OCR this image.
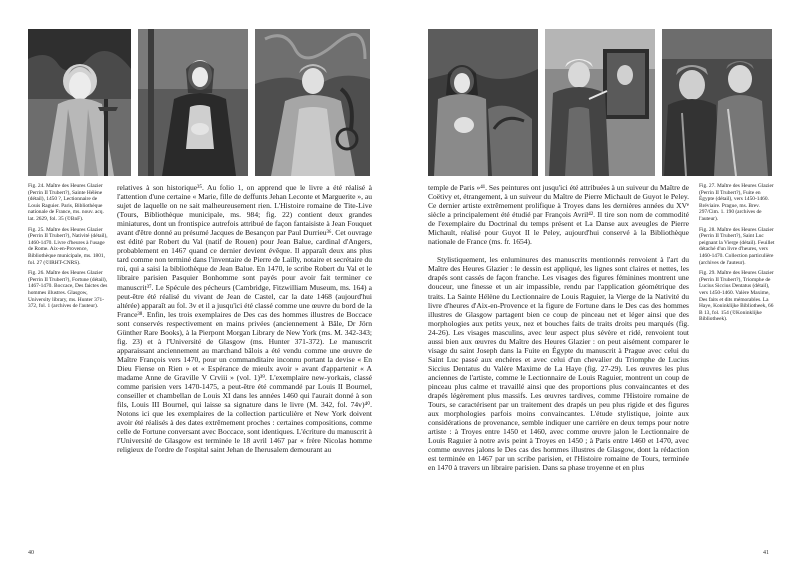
Fig. 24. Maître des Heures Glazier (Perrin II Trubert?), Sainte Hélène (détail), 1450 ?, Lectionnaire de Louis Raguier. Paris, Bibliothèque nationale de France, ms. nouv. acq. lat. 2629, fol. 35 (©BnF).

Fig. 25. Maître des Heures Glazier (Perrin II Trubert?), Nativité (détail), 1460-1470. Livre d'heures à l'usage de Rome. Aix-en-Provence, Bibliothèque municipale, ms. 1801, fol. 27 (©IRHT-CNRS).

Fig. 26. Maître des Heures Glazier (Perrin II Trubert?), Fortune (détail), 1467-1470. Boccace, Des faictes des hommes illustres. Glasgow, University library, ms. Hunter 371-372, fol. 1 (archives de l'auteur).

relatives à son historique³⁵. Au folio 1, on apprend que le livre a été réalisé à l'attention d'une certaine « Marie, fille de deffunts Jehan Leconte et Marguerite », au sujet de laquelle on ne sait malheureusement rien. L'Histoire romaine de Tite-Live (Tours, Bibliothèque municipale, ms. 984; fig. 22) contient deux grandes miniatures, dont un frontispice autrefois attribué de façon fantaisiste à Jean Fouquet avant d'être donné au présumé Jacques de Besançon par Paul Durrieu³⁶. Cet ouvrage est édité par Robert du Val (natif de Rouen) pour Jean Balue, cardinal d'Angers, probablement en 1467 quand ce dernier devient évêque. Il apparaît deux ans plus tard comme non terminé dans l'inventaire de Pierre de Lailly, notaire et secrétaire du roi, qui a saisi la bibliothèque de Jean Balue. En 1470, le scribe Robert du Val et le libraire parisien Pasquier Bonhomme sont payés pour avoir fait terminer ce manuscrit³⁷. Le Spécule des pécheurs (Cambridge, Fitzwilliam Museum, ms. 164) a peut-être été réalisé du vivant de Jean de Castel, car la date 1468 (aujourd'hui altérée) apparaît au fol. 3v et il a jusqu'ici été classé comme une œuvre du bord de la France³⁸. Enfin, les trois exemplaires de Des cas des hommes illustres de Boccace sont conservés respectivement en mains privées (anciennement à Bâle, Dr Jörn Günther Rare Books), à la Pierpont Morgan Library de New York (ms. M. 342-343; fig. 23) et à l'Université de Glasgow (ms. Hunter 371-372). Le manuscrit apparaissant anciennement au marchand bâlois a été vendu comme une œuvre de Maître François vers 1470, pour un commanditaire inconnu portant la devise « En Dieu Fiense on Rien » et « Espérance de mieulx avoir » avant d'appartenir « A madame Anne de Graville V Crviii » (vol. 1)³⁹. L'exemplaire new-yorkais, classé comme parisien vers 1470-1475, a peut-être été commandé par Louis II Bournel, conseiller et chambellan de Louis XI dans les années 1460 qui l'aurait donné à son fils, Louis III Bournel, qui laisse sa signature dans le livre (M. 342, fol. 74v)⁴⁰. Notons ici que les exemplaires de la collection particulière et New York doivent avoir été réalisés à des dates extrêmement proches : certaines compositions, comme celle de Fortune conversant avec Boccace, sont identiques. L'écriture du manuscrit à l'Université de Glasgow est terminée le 18 avril 1467 par « frère Nicolas homme religieux de l'ordre de l'ospital saint Jehan de Iherusalem demourant au

40

temple de Paris »⁴¹. Ses peintures ont jusqu'ici été attribuées à un suiveur du Maître de Coëtivy et, étrangement, à un suiveur du Maître de Pierre Michault de Guyot le Peley. Ce dernier artiste extrêmement prolifique à Troyes dans les dernières années du XVᵉ siècle a principalement été étudié par François Avril⁴². Il tire son nom de commodité de l'exemplaire du Doctrinal du temps présent et La Danse aux aveugles de Pierre Michault, réalisé pour Guyot II le Peley, aujourd'hui conservé à la Bibliothèque nationale de France (ms. fr. 1654).

Stylistiquement, les enluminures des manuscrits mentionnés renvoient à l'art du Maître des Heures Glazier : le dessin est appliqué, les lignes sont claires et nettes, les drapés sont cassés de façon franche. Les visages des figures féminines montrent une douceur, une finesse et un air impassible, rendu par l'application géométrique des traits. La Sainte Hélène du Lectionnaire de Louis Raguier, la Vierge de la Nativité du livre d'heures d'Aix-en-Provence et la figure de Fortune dans le Des cas des hommes illustres de Glasgow partagent bien ce coup de pinceau net et léger ainsi que des morphologies aux petits yeux, nez et bouches faits de traits droits peu marqués (fig. 24-26). Les visages masculins, avec leur aspect plus sévère et ridé, renvoient tout aussi bien aux œuvres du Maître des Heures Glazier : on peut aisément comparer le visage du saint Joseph dans la Fuite en Égypte du manuscrit à Prague avec celui du Saint Luc passé aux enchères et avec celui d'un chevalier du Triomphe de Lucius Siccius Dentatus du Valère Maxime de La Haye (fig. 27-29). Les œuvres les plus anciennes de l'artiste, comme le Lectionnaire de Louis Raguier, montrent un coup de pinceau plus calme et travaillé ainsi que des proportions plus convaincantes et des drapés légèrement plus massifs. Les œuvres tardives, comme l'Histoire romaine de Tours, se caractérisent par un traitement des drapés un peu plus rigide et des figures aux morphologies parfois moins convaincantes. L'étude stylistique, jointe aux considérations de provenance, semble indiquer une carrière en deux temps pour notre artiste : à Troyes entre 1450 et 1460, avec comme œuvre jalon le Lectionnaire de Louis Raguier à notre avis peint à Troyes en 1450 ; à Paris entre 1460 et 1470, avec comme œuvres jalons le Des cas des hommes illustres de Glasgow, dont la rédaction est terminée en 1467 par un scribe parisien, et l'Histoire romaine de Tours, terminée en 1470 à travers un libraire parisien. Dans sa phase troyenne et en plus

Fig. 27. Maître des Heures Glazier (Perrin II Trubert?), Fuite en Égypte (détail), vers 1450-1460. Bréviaire. Prague, ms. Brev. 297/Cim. 1. 190 (archives de l'auteur).

Fig. 28. Maître des Heures Glazier (Perrin II Trubert?), Saint Luc peignant la Vierge (détail). Feuillet détaché d'un livre d'heures, vers 1460-1470. Collection particulière (archives de l'auteur).

Fig. 29. Maître des Heures Glazier (Perrin II Trubert?), Triomphe de Lucius Siccius Dentatus (détail), vers 1450-1460. Valère Maxime, Des faits et dits mémorables. La Haye, Koninklijke Bibliotheek, 66 B 13, fol. 154 (©Koninklijke Bibliotheek).

41
